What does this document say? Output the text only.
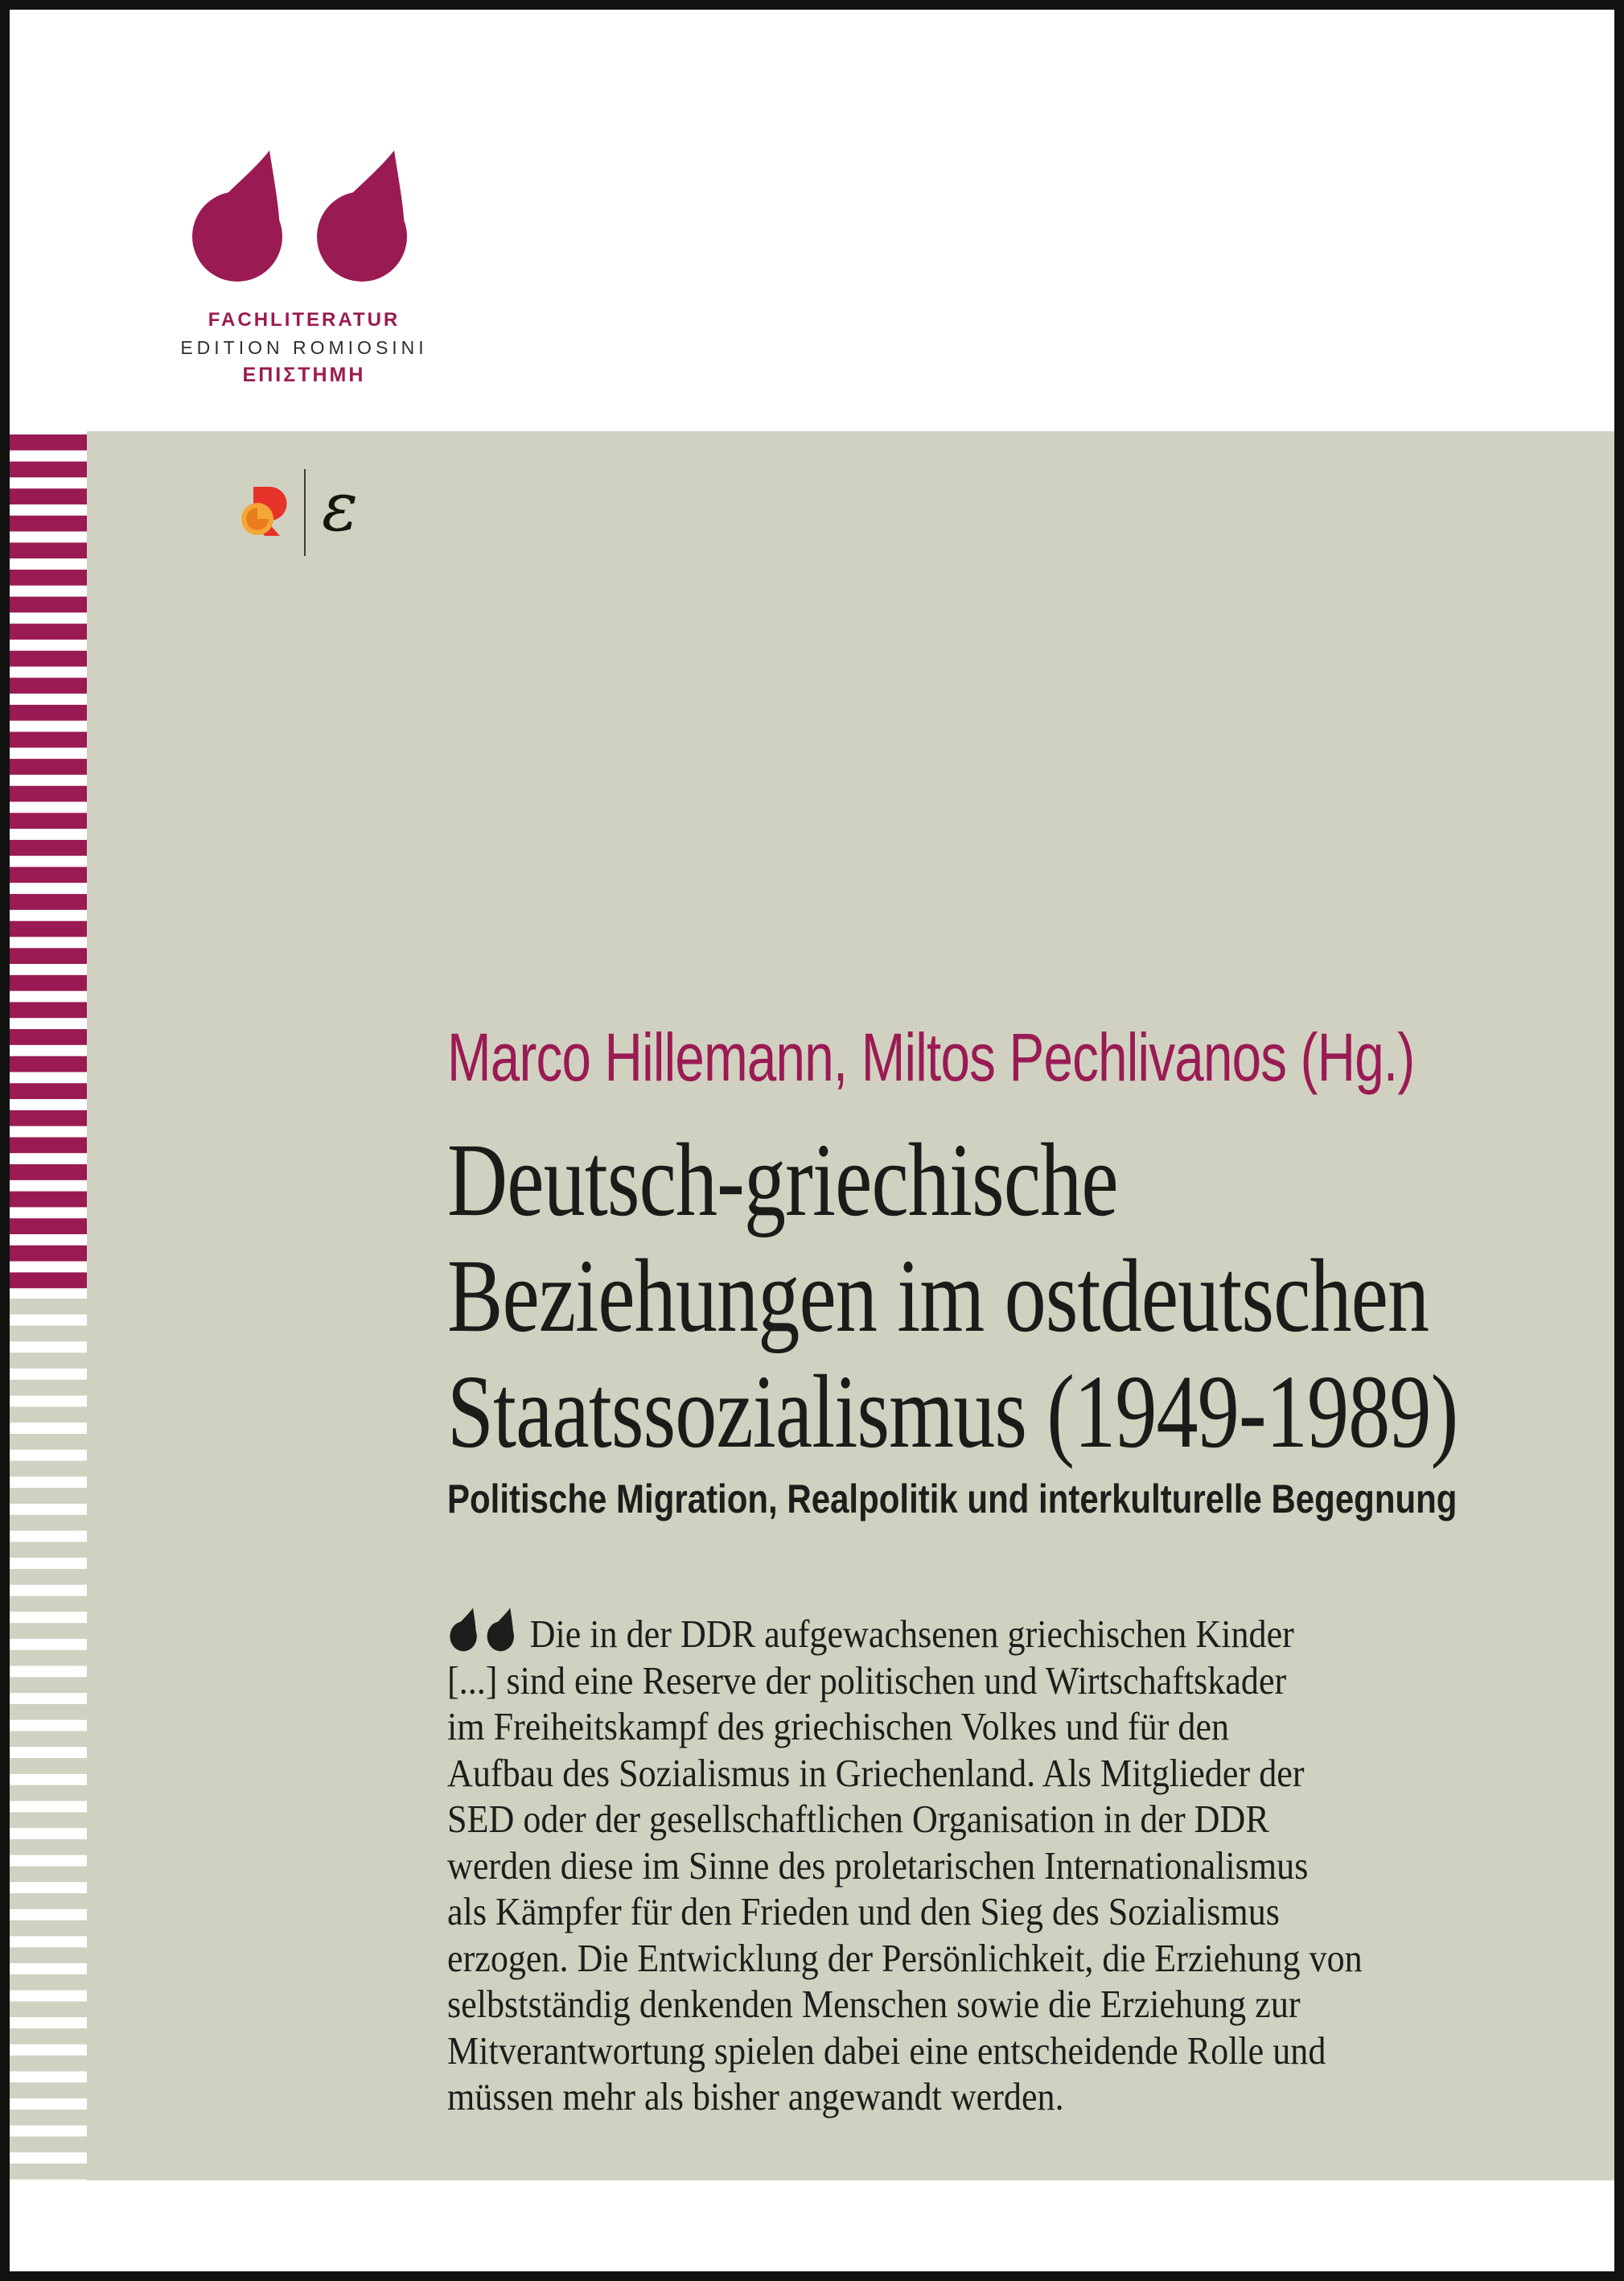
FACHLITERATUR
EDITION ROMIOSINI
ΕΠΙΣΤΗΜΗ
ε
Marco Hillemann, Miltos Pechlivanos (Hg.)
Deutsch-griechische
Beziehungen im ostdeutschen
Staatssozialismus (1949-1989)
Politische Migration, Realpolitik und interkulturelle Begegnung
Die in der DDR aufgewachsenen griechischen Kinder
[...] sind eine Reserve der politischen und Wirtschaftskader
im Freiheitskampf des griechischen Volkes und für den
Aufbau des Sozialismus in Griechenland. Als Mitglieder der
SED oder der gesellschaftlichen Organisation in der DDR
werden diese im Sinne des proletarischen Internationalismus
als Kämpfer für den Frieden und den Sieg des Sozialismus
erzogen. Die Entwicklung der Persönlichkeit, die Erziehung von
selbstständig denkenden Menschen sowie die Erziehung zur
Mitverantwortung spielen dabei eine entscheidende Rolle und
müssen mehr als bisher angewandt werden.
